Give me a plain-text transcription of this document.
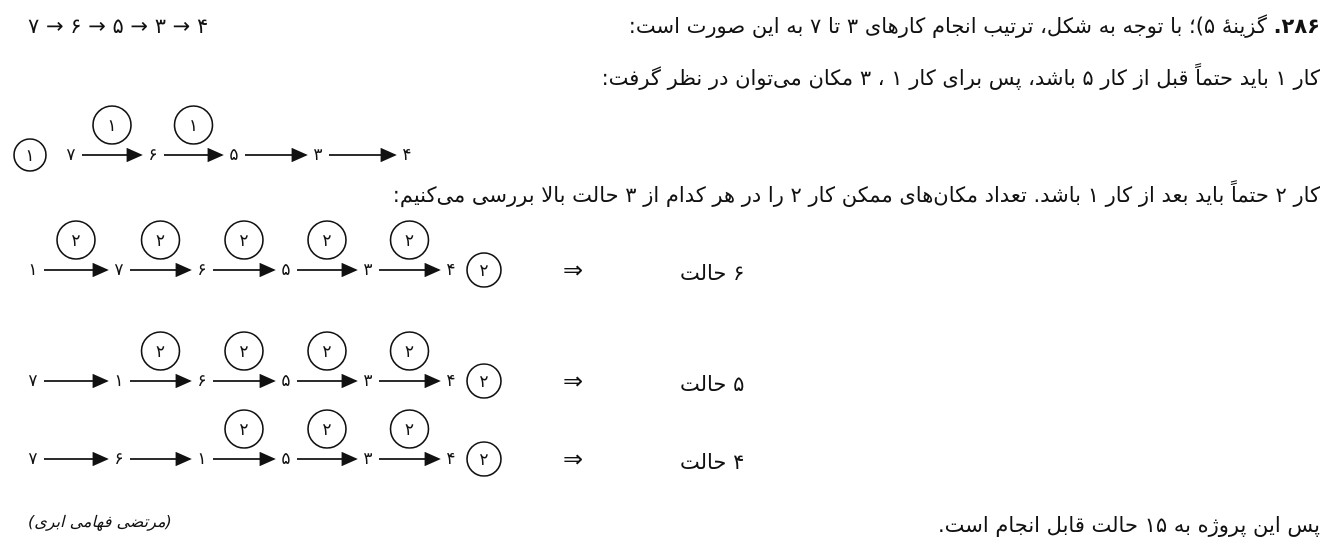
۲۸۶. گزینهٔ ۵)؛ با توجه به شکل، ترتیب انجام کارهای ۳ تا ۷ به این صورت است:
۷ → ۶ → ۵ → ۳ → ۴
کار ۱ باید حتماً قبل از کار ۵ باشد، پس برای کار ۱ ، ۳ مکان می‌توان در نظر گرفت:
کار ۲ حتماً باید بعد از کار ۱ باشد. تعداد مکان‌های ممکن کار ۲ را در هر کدام از ۳ حالت بالا بررسی می‌کنیم:
۶ حالت
۵ حالت
۴ حالت
پس این پروژه به ۱۵ حالت قابل انجام است.
(مرتضی فهامی ابری)
۱ ۷
۱
۶
۱
۵	۳	۴
۱
۲
۷
۲
۶
۲
۵
۲
۳
۲
۴ ۲	⇒
۷	۱
۲
۶
۲
۵
۲
۳
۲
۴ ۲	⇒
۷	۶	۱
۲
۵
۲
۳
۲
۴ ۲	⇒
